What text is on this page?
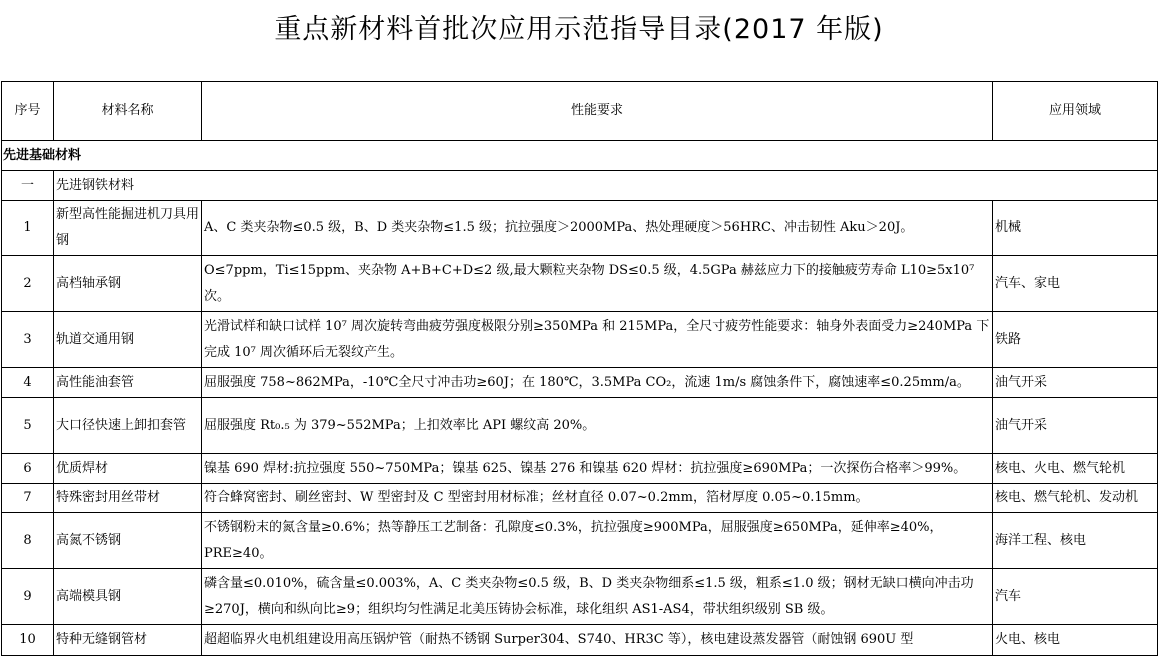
重点新材料首批次应用示范指导目录(2017 年版)
序号	材料名称	性能要求	应用领域
先进基础材料			
一	先进钢铁材料		
1	新型高性能掘进机刀具用钢	A、C 类夹杂物≤0.5 级，B、D 类夹杂物≤1.5 级；抗拉强度＞2000MPa、热处理硬度＞56HRC、冲击韧性 Aku＞20J。	机械
2	高档轴承钢	O≤7ppm，Ti≤15ppm、夹杂物 A+B+C+D≤2 级,最大颗粒夹杂物 DS≤0.5 级，4.5GPa 赫兹应力下的接触疲劳寿命 L10≥5x10⁷ 次。	汽车、家电
3	轨道交通用钢	光滑试样和缺口试样 10⁷ 周次旋转弯曲疲劳强度极限分别≥350MPa 和 215MPa，全尺寸疲劳性能要求：轴身外表面受力≥240MPa 下完成 10⁷ 周次循环后无裂纹产生。	铁路
4	高性能油套管	屈服强度 758~862MPa，-10℃全尺寸冲击功≥60J；在 180℃，3.5MPa CO₂，流速 1m/s 腐蚀条件下，腐蚀速率≤0.25mm/a。	油气开采
5	大口径快速上卸扣套管	屈服强度 Rt₀.₅ 为 379~552MPa；上扣效率比 API 螺纹高 20%。	油气开采
6	优质焊材	镍基 690 焊材:抗拉强度 550~750MPa；镍基 625、镍基 276 和镍基 620 焊材：抗拉强度≥690MPa；一次探伤合格率＞99%。	核电、火电、燃气轮机
7	特殊密封用丝带材	符合蜂窝密封、刷丝密封、W 型密封及 C 型密封用材标准；丝材直径 0.07~0.2mm，箔材厚度 0.05~0.15mm。	核电、燃气轮机、发动机
8	高氮不锈钢	不锈钢粉末的氮含量≥0.6%；热等静压工艺制备：孔隙度≤0.3%，抗拉强度≥900MPa，屈服强度≥650MPa，延伸率≥40%，PRE≥40。	海洋工程、核电
9	高端模具钢	磷含量≤0.010%，硫含量≤0.003%，A、C 类夹杂物≤0.5 级，B、D 类夹杂物细系≤1.5 级，粗系≤1.0 级；钢材无缺口横向冲击功≥270J，横向和纵向比≥9；组织均匀性满足北美压铸协会标准，球化组织 AS1-AS4，带状组织级别 SB 级。	汽车
10	特种无缝钢管材	超超临界火电机组建设用高压锅炉管（耐热不锈钢 Surper304、S740、HR3C 等），核电建设蒸发器管（耐蚀钢 690U 型	火电、核电
